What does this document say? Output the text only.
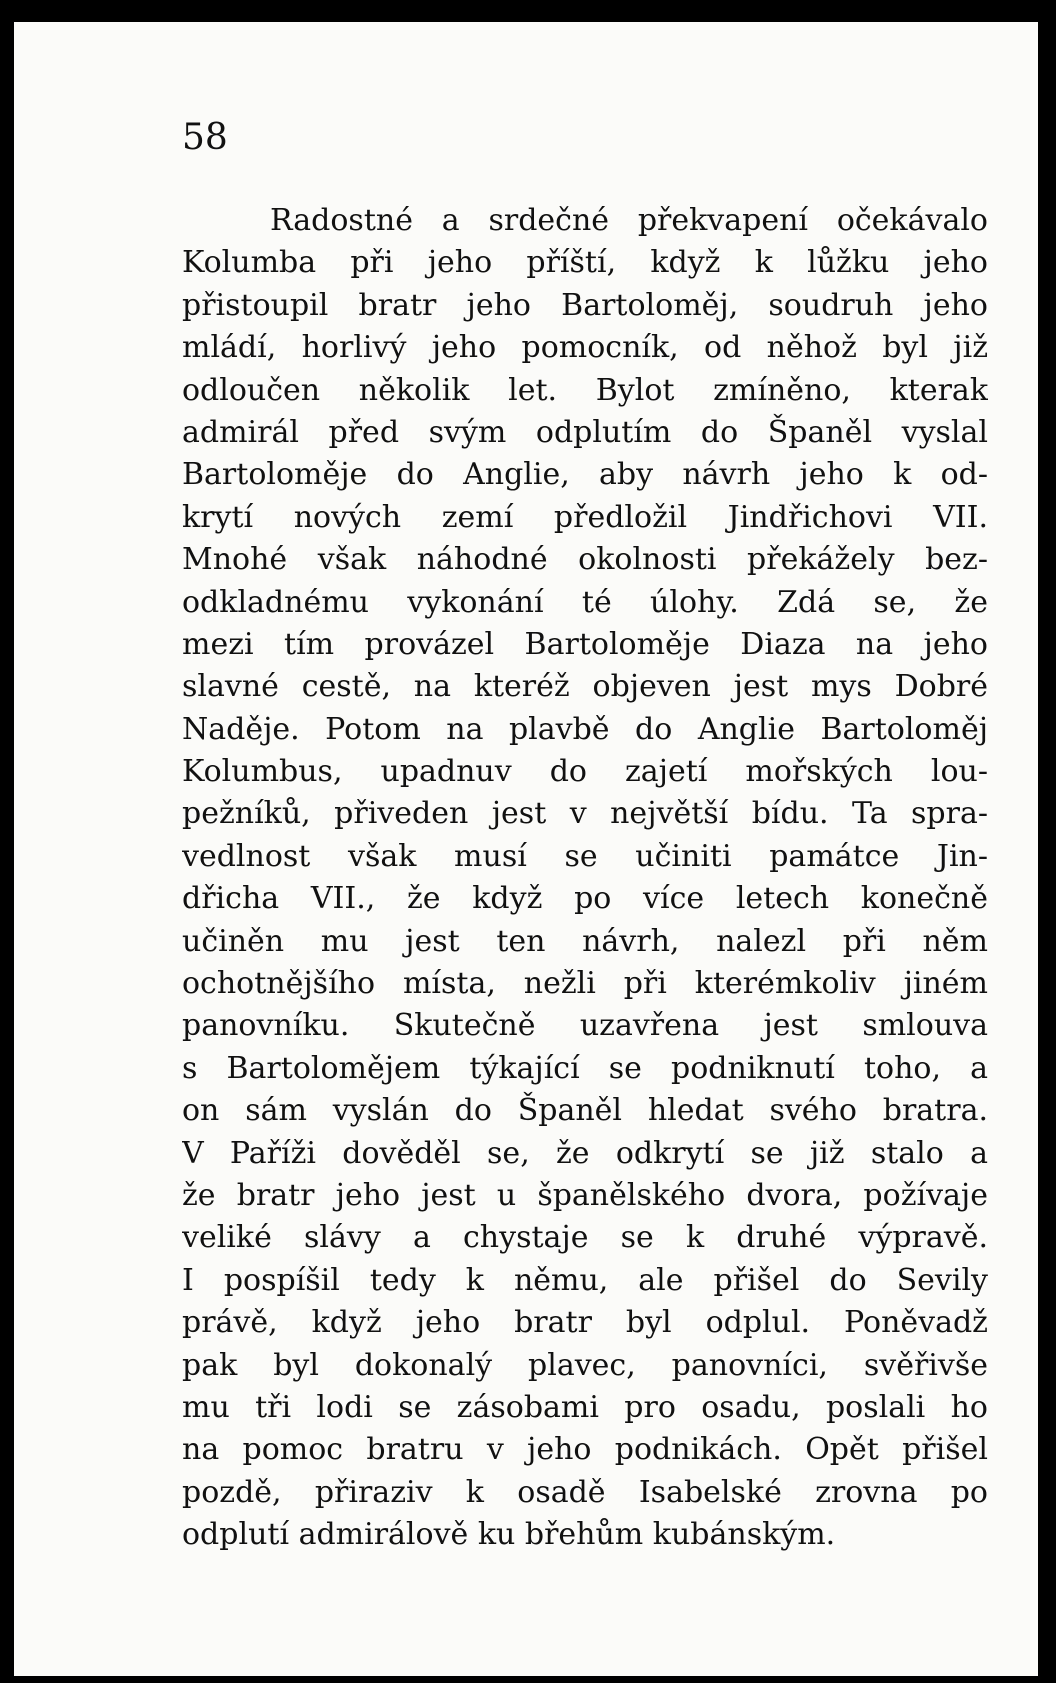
58

Radostné a srdečné překvapení očekávalo
Kolumba při jeho příští, když k lůžku jeho
přistoupil bratr jeho Bartoloměj, soudruh jeho
mládí, horlivý jeho pomocník, od něhož byl již
odloučen několik let. Bylot zmíněno, kterak
admirál před svým odplutím do Španěl vyslal
Bartoloměje do Anglie, aby návrh jeho k od-
krytí nových zemí předložil Jindřichovi VII.
Mnohé však náhodné okolnosti překážely bez-
odkladnému vykonání té úlohy. Zdá se, že
mezi tím provázel Bartoloměje Diaza na jeho
slavné cestě, na kteréž objeven jest mys Dobré
Naděje. Potom na plavbě do Anglie Bartoloměj
Kolumbus, upadnuv do zajetí mořských lou-
pežníků, přiveden jest v největší bídu. Ta spra-
vedlnost však musí se učiniti památce Jin-
dřicha VII., že když po více letech konečně
učiněn mu jest ten návrh, nalezl při něm
ochotnějšího místa, nežli při kterémkoliv jiném
panovníku. Skutečně uzavřena jest smlouva
s Bartolomějem týkající se podniknutí toho, a
on sám vyslán do Španěl hledat svého bratra.
V Paříži dověděl se, že odkrytí se již stalo a
že bratr jeho jest u španělského dvora, požívaje
veliké slávy a chystaje se k druhé výpravě.
I pospíšil tedy k němu, ale přišel do Sevily
právě, když jeho bratr byl odplul. Poněvadž
pak byl dokonalý plavec, panovníci, svěřivše
mu tři lodi se zásobami pro osadu, poslali ho
na pomoc bratru v jeho podnikách. Opět přišel
pozdě, přiraziv k osadě Isabelské zrovna po
odplutí admirálově ku břehům kubánským.
